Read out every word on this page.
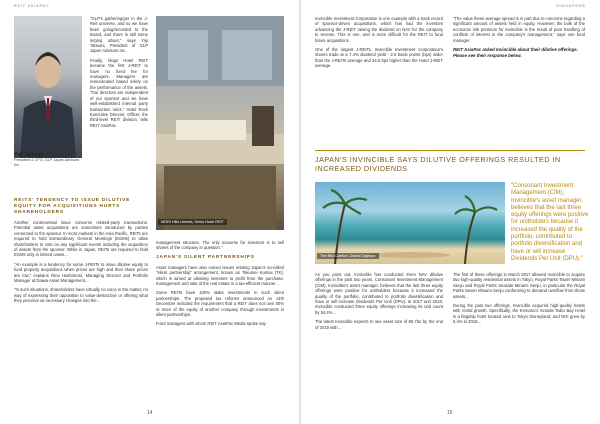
REIT ASIAPAC
Yoji Tatsumi,
President & CFO, GLP Japan Advisors Inc.

"GLP's gathering/ger in the J-Reit universe, and so we have been going/recorded to the Board, and there is still some in/ging about," says Yoji Tatsumi, President of GLP Japan Advisors Inc.

Finally, blogs Hotel REIT became the first J-REIT to have no fixed fee for managers. Managers are remunerated based solely on the performance of the assets. "Our directors are independent of our sponsor and we have well-established internal party transaction rules," Hotel Rock Executive Director, Officer, the third-level REIT division, tells REIT AsiaPac.

REITS' TENDENCY TO ISSUE DILUTIVE EQUITY FOR ACQUISITIONS HURTS SHAREHOLDERS

Another controversial issue concerns related-party transactions. Potential asset acquisitions are sometimes introduced by parties connected to the sponsor. In most markets in the Asia Pacific, REITs are required to hold Extraordinary General Meetings (EGMs) to allow shareholders to vote on any significant events including the acquisition of assets from the sponsor. While in Japan, REITs are required to hold EGMs only in limited cases...

"An example is a tendency for some J-REITs to issue dilutive equity to fund property acquisitions when prices are high and their share prices are low," explains Rina Hashimoto, Managing Director and Portfolio Manager at Daiwa Asset Management...

"In such situations, shareholders have virtually no voice in the matter, no way of expressing their opposition to value-destructive or offering what they perceive as necessary changes into the...

MORI Hills Umeda, Seiho Hotel REIT

management structure. The only recourse for investors is to sell shares of the company in question."

JAPAN'S SILENT PARTNERSHIPS

Asset managers have also voiced issues relating Japan's so-called "silent partnership" arrangement, known as Tokumei Kumiai (TK), which is aimed at allowing investors to profit from the purchase, management and sale of the real estate in a tax-efficient manner...

Some REITs have 100% stake investments in such silent partnerships. The proposed tax reforms announced on 14th December included the requirement that a REIT does not own 50% or more of the equity of another company through investments in silent partnerships.

Fund managers with whom REIT AsiaPac Media spoke say

14
SINGAPORE

Invincible Investment Corporation is one example with a track record of sponsor-driven acquisitions, which has had the investors advancing the J-REIT raising the dividend on NAV for the company to reverse. This is one, and is more difficult for the REIT to fund future acquisitions.

One of the largest J-REITs, Invincible Investment Corporation's shares trade at a 7.4% dividend yield - 2.5 basis points (bps) wider than the J-REITs average and 24.6 bps higher than the Hotel J-REIT average.

"The value these average spread is in part due to concerns regarding a significant amount of assets held in equity. However, the bulk of the economic risk premium for Invincible is the result of poor handling of conflicts of interest in the company's management," says one fund manager.

REIT AsiaPac asked Invincible about their dilutive offerings. Please see their response below.
JAPAN'S INVINCIBLE SAYS DILUTIVE OFFERINGS RESULTED IN INCREASED DIVIDENDS
The Ritz-Carlton, Grand Cayman
"Consonant Investment Management (CIM), Invincible's asset manager, believes that the last three equity offerings were positive for unitholders because it increased the quality of the portfolio, contributed to portfolio diversification and have or will increase Dividends Per Unit (DPU)."

As you point out, Invincible has conducted three NAV dilutive offerings in the past two years. Consonant Investment Management (CIM), Invincible's asset manager, believes that the last three equity offerings were positive for unitholders because it increased the quality of the portfolio, contributed to portfolio diversification and have or will increase Dividends Per Unit (DPU). In 2017 and 2018, Invincible conducted three equity offerings increasing its unit count by 54.4%...

The latest Invincible expects to see asset size of ¥5.7bn by the end of 2019 with...

The first of these offerings in March 2017 allowed Invincible to acquire two high-quality residential assets in Tokyo, Royal Parks Tower Minami Senju and Royal Parks Seaside Minami Senju, in particular the Royal Parks Seven Minami Senju conforming to demand overflow from those assets...

During the past two offerings, Invincible acquired high-quality hotels with rental growth. Specifically, the Kemanu's Grande Taiko Bay Hotel is a flagship hotel located next to Tokyo Disneyland, and NOI grew by 5.4% in 2018...

15
